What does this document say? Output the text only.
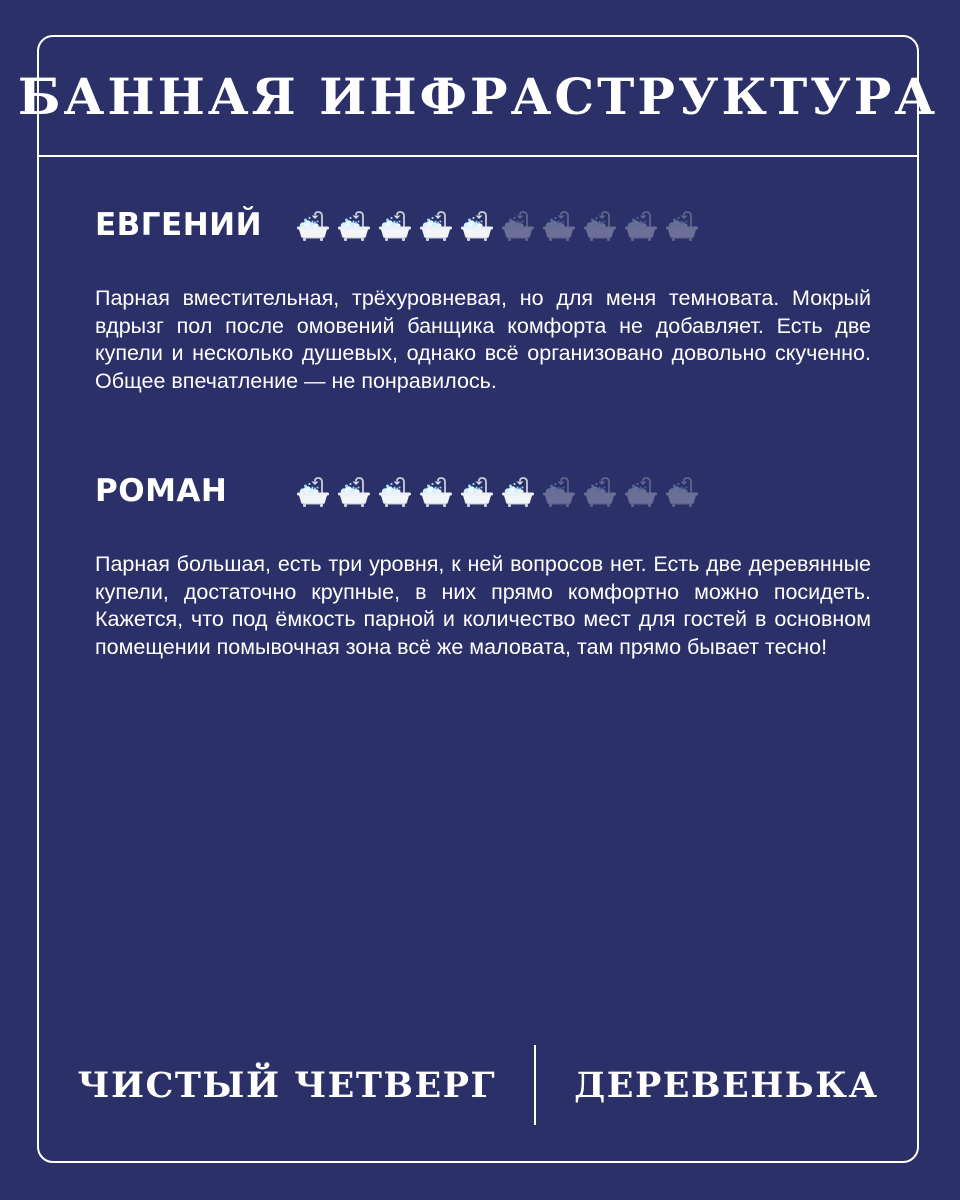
БАННАЯ ИНФРАСТРУКТУРА
ЕВГЕНИЙ

Парная вместительная, трёхуровневая, но для меня темновата. Мокрый вдрызг пол после омовений банщика комфорта не добавляет. Есть две купели и несколько душевых, однако всё организовано довольно скученно. Общее впечатление — не понравилось.

РОМАН

Парная большая, есть три уровня, к ней вопросов нет. Есть две деревянные купели, достаточно крупные, в них прямо комфортно можно посидеть. Кажется, что под ёмкость парной и количество мест для гостей в основном помещении помывочная зона всё же маловата, там прямо бывает тесно!

ЧИСТЫЙ ЧЕТВЕРГ ДЕРЕВЕНЬКА
